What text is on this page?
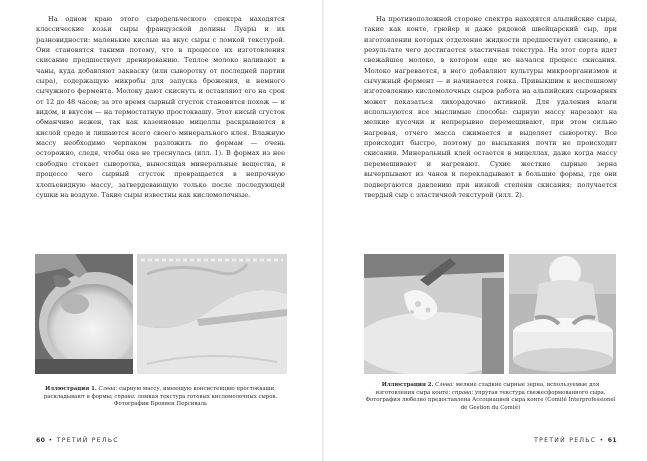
На одном краю этого сыродельческого спектра находятся классические козьи сыры французской долины Луары и их разновидности: маленькие кислые на вкус сыры с ломкой текстурой. Они становятся такими потому, что в процессе их изготовления скисание предшествует дренированию. Теплое молоко наливают в чаны, куда добавляют закваску (или сыворотку от последней партии сыра), содержащую микробы для запуска брожения, и немного сычужного фермента. Молоку дают скиснуть и оставляют его на срок от 12 до 48 часов; за это время сырный сгусток становится похож — и видом, и вкусом — на термостатную простоквашу. Этот кисый сгусток обманчиво нежен, так как казеиновые мицеллы раскрываются в кислой среде и лишаются всего своего минерального клея. Влажную массу необходимо черпаком разложить по формам — очень осторожно, следя, чтобы она не треснулась (илл. 1). В формах из нее свободно стекает сыворотка, выносящая минеральные вещества, в процессе чего сырный сгусток превращается в непрочную хлопьевидную массу, затвердевающую только после последующей сушки на воздухе. Такие сыры известны как кисломолочные.

Иллюстрация 1. Слева: сырную массу, имеющую консистенцию простокваши, раскладывают в формы; справа: ломкая текстура готовых кисломолочных сыров. Фотографии Бронвен Персиваль

60 • ТРЕТИЙ РЕЛЬС

На противоположной стороне спектра находятся альпийские сыры, такие как конте, грюйер и даже рядовой швейцарский сыр, при изготовлении которых отделение жидкости предшествует скисанию, в результате чего достигается эластичная текстура. На этот сорта идет свежайшее молоко, в котором еще не начался процесс скисания. Молоко нагревается, в него добавляют культуры микроорганизмов и сычужный фермент — и начинается гонка. Привыкшим к неспешному изготовлению кисломолочных сыров работа на альпийских сыроварнях может показаться лихорадочно активной. Для удаления влаги используются все мыслимые способы: сырную массу нарезают на мелкие кусочки и непрерывно перемешивают, при этом сильно нагревая, отчего масса сжимается и выделяет сыворотку. Все происходит быстро, поэтому до высыхания почти не происходит скисания. Минеральный клей остается в мицеллах, даже когда массу перемешивают и нагревают. Сухие жесткие сырные зерна вычерпывают из чанов и перекладывают в большие формы, где они подвергаются давлению при низкой степени скисания; получается твердый сыр с эластичной текстурой (илл. 2).

Иллюстрация 2. Слева: мелкие сладкие сырные зерна, используемые для изготовления сыра конте; справа: упругая текстура свежесформованного сыра. Фотография любезно предоставлена Ассоциацией сыра конте (Comité Interprofessionel de Gestion du Comté)

ТРЕТИЙ РЕЛЬС • 61
